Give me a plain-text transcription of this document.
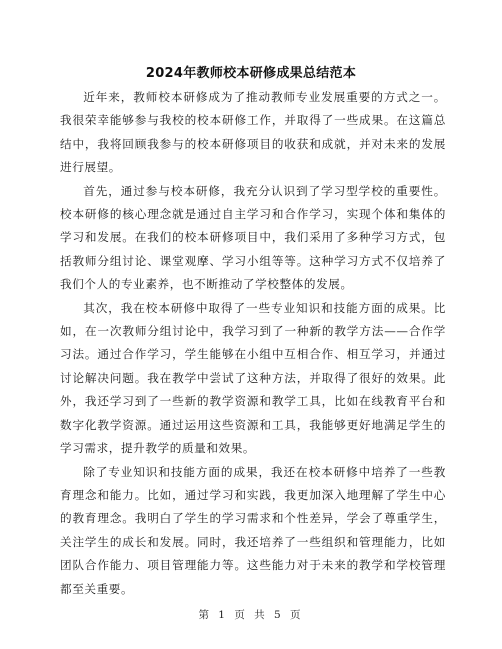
2024年教师校本研修成果总结范本

近年来，教师校本研修成为了推动教师专业发展重要的方式之一。我很荣幸能够参与我校的校本研修工作，并取得了一些成果。在这篇总结中，我将回顾我参与的校本研修项目的收获和成就，并对未来的发展进行展望。

首先，通过参与校本研修，我充分认识到了学习型学校的重要性。校本研修的核心理念就是通过自主学习和合作学习，实现个体和集体的学习和发展。在我们的校本研修项目中，我们采用了多种学习方式，包括教师分组讨论、课堂观摩、学习小组等等。这种学习方式不仅培养了我们个人的专业素养，也不断推动了学校整体的发展。

其次，我在校本研修中取得了一些专业知识和技能方面的成果。比如，在一次教师分组讨论中，我学习到了一种新的教学方法——合作学习法。通过合作学习，学生能够在小组中互相合作、相互学习，并通过讨论解决问题。我在教学中尝试了这种方法，并取得了很好的效果。此外，我还学习到了一些新的教学资源和教学工具，比如在线教育平台和数字化教学资源。通过运用这些资源和工具，我能够更好地满足学生的学习需求，提升教学的质量和效果。

除了专业知识和技能方面的成果，我还在校本研修中培养了一些教育理念和能力。比如，通过学习和实践，我更加深入地理解了学生中心的教育理念。我明白了学生的学习需求和个性差异，学会了尊重学生，关注学生的成长和发展。同时，我还培养了一些组织和管理能力，比如团队合作能力、项目管理能力等。这些能力对于未来的教学和学校管理都至关重要。

第 1 页 共 5 页
